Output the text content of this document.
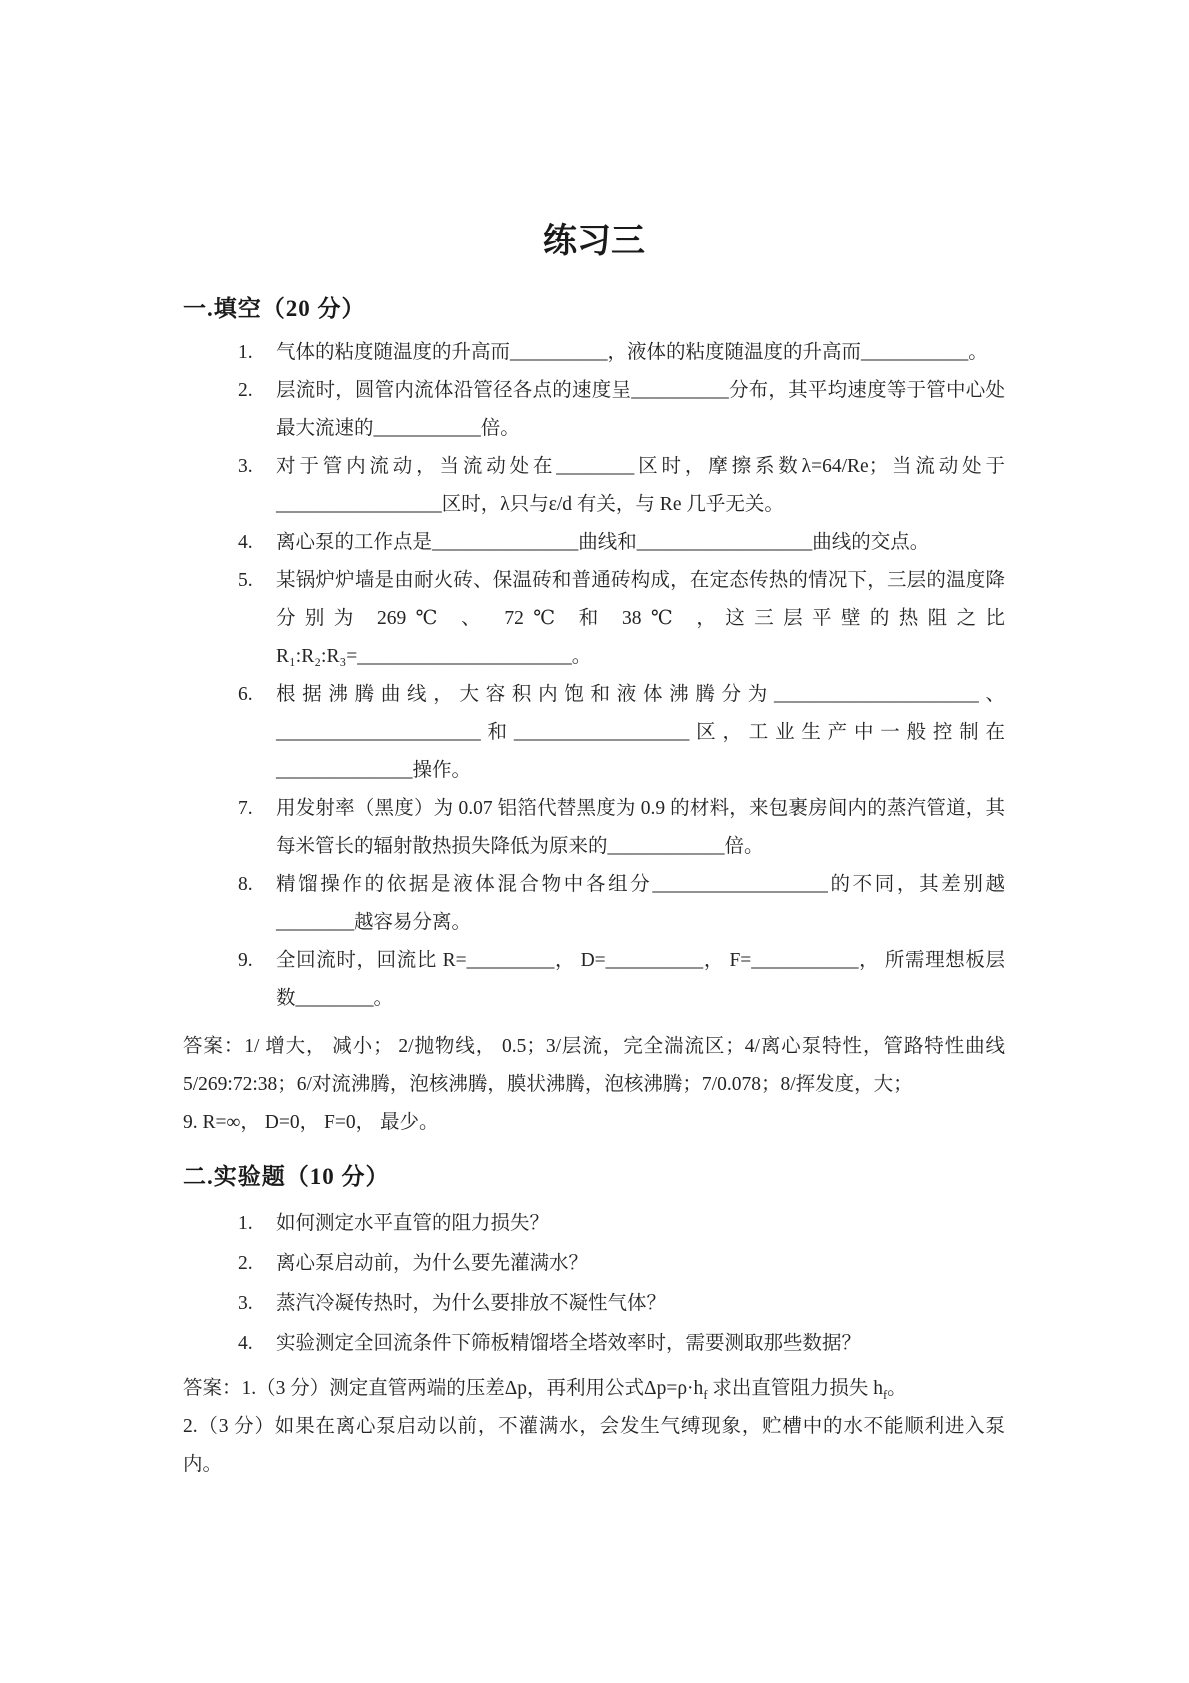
练习三
一.填空（20 分）
1. 气体的粘度随温度的升高而__________，液体的粘度随温度的升高而___________。
2. 层流时，圆管内流体沿管径各点的速度呈__________分布，其平均速度等于管中心处最大流速的___________倍。
3. 对于管内流动，当流动处在________区时，摩擦系数λ=64/Re；当流动处于_________________区时，λ只与ε/d 有关，与 Re 几乎无关。
4. 离心泵的工作点是_______________曲线和__________________曲线的交点。
5. 某锅炉炉墙是由耐火砖、保温砖和普通砖构成，在定态传热的情况下，三层的温度降分别为 269℃ 、 72℃ 和 38℃ ，这三层平壁的热阻之比 R₁:R₂:R₃=______________________。
6. 根据沸腾曲线，大容积内饱和液体沸腾分为_____________________、_____________________和__________________区，工业生产中一般控制在______________操作。
7. 用发射率（黑度）为 0.07 铝箔代替黑度为 0.9 的材料，来包裹房间内的蒸汽管道，其每米管长的辐射散热损失降低为原来的____________倍。
8. 精馏操作的依据是液体混合物中各组分__________________的不同，其差别越________越容易分离。
9. 全回流时，回流比 R=_________， D=__________， F=___________， 所需理想板层数________。

答案：1/ 增大， 减小； 2/抛物线， 0.5；3/层流，完全湍流区；4/离心泵特性，管路特性曲线 5/269:72:38；6/对流沸腾，泡核沸腾，膜状沸腾，泡核沸腾；7/0.078；8/挥发度，大；

9. R=∞， D=0， F=0， 最少。

二.实验题（10 分）
1. 如何测定水平直管的阻力损失？
2. 离心泵启动前，为什么要先灌满水？
3. 蒸汽冷凝传热时，为什么要排放不凝性气体？
4. 实验测定全回流条件下筛板精馏塔全塔效率时，需要测取那些数据？

答案：1.（3 分）测定直管两端的压差Δp，再利用公式$\Delta p=\rho\cdot h_f$ 求出直管阻力损失 $h_f$。

2.（3 分）如果在离心泵启动以前，不灌满水，会发生气缚现象，贮槽中的水不能顺利进入泵内。
